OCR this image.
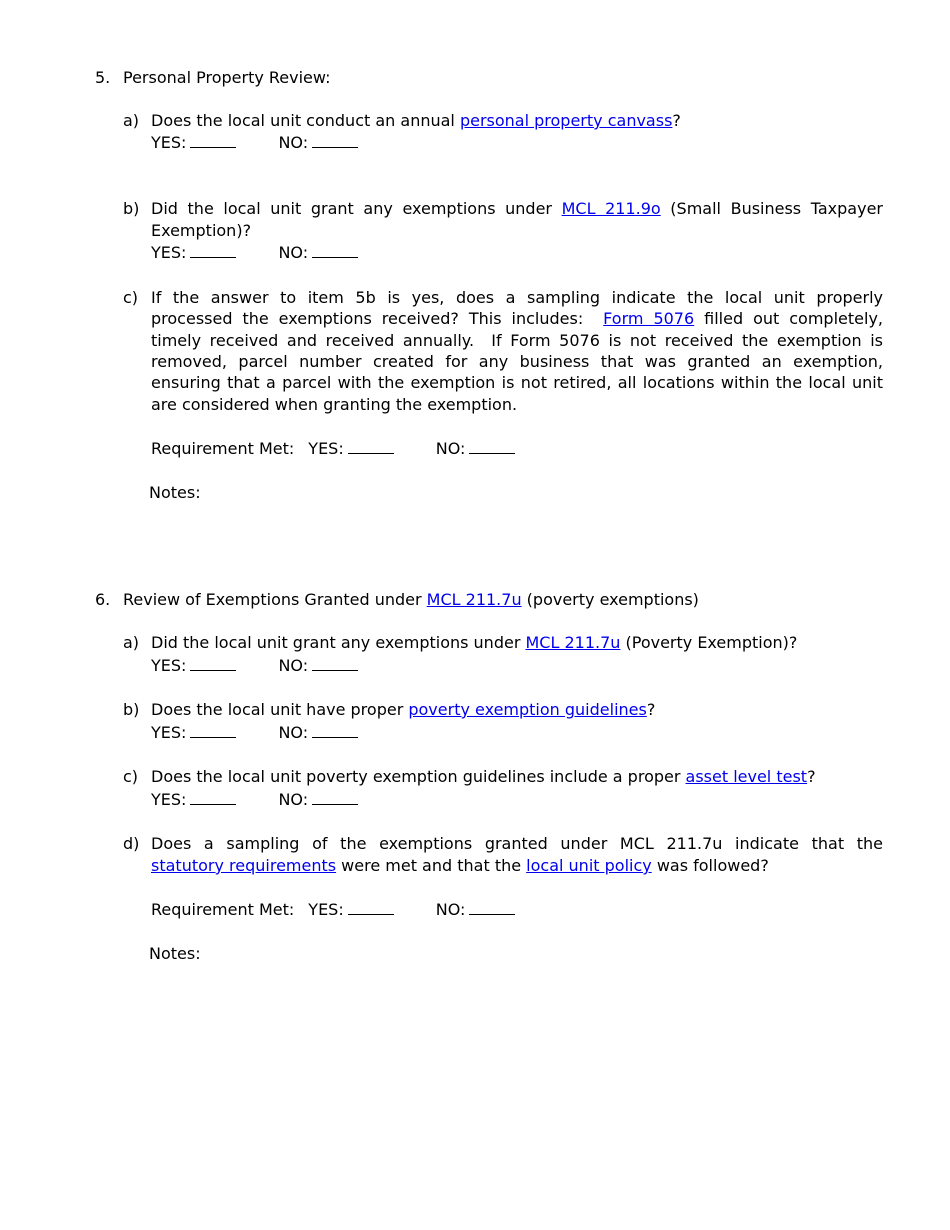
5. Personal Property Review:
a) Does the local unit conduct an annual personal property canvass?
YES:	NO:
b) Did the local unit grant any exemptions under MCL 211.9o (Small Business Taxpayer
Exemption)?
YES:	NO:
c) If the answer to item 5b is yes, does a sampling indicate the local unit properly
processed the exemptions received? This includes:  Form 5076 filled out completely,
timely received and received annually.  If Form 5076 is not received the exemption is
removed, parcel number created for any business that was granted an exemption,
ensuring that a parcel with the exemption is not retired, all locations within the local unit
are considered when granting the exemption.
Requirement Met: YES:	NO:
Notes:
6. Review of Exemptions Granted under MCL 211.7u (poverty exemptions)
a) Did the local unit grant any exemptions under MCL 211.7u (Poverty Exemption)?
YES:	NO:
b) Does the local unit have proper poverty exemption guidelines?
YES:	NO:
c) Does the local unit poverty exemption guidelines include a proper asset level test?
YES:	NO:
d) Does a sampling of the exemptions granted under MCL 211.7u indicate that the
statutory requirements were met and that the local unit policy was followed?
Requirement Met: YES:	NO:
Notes:
